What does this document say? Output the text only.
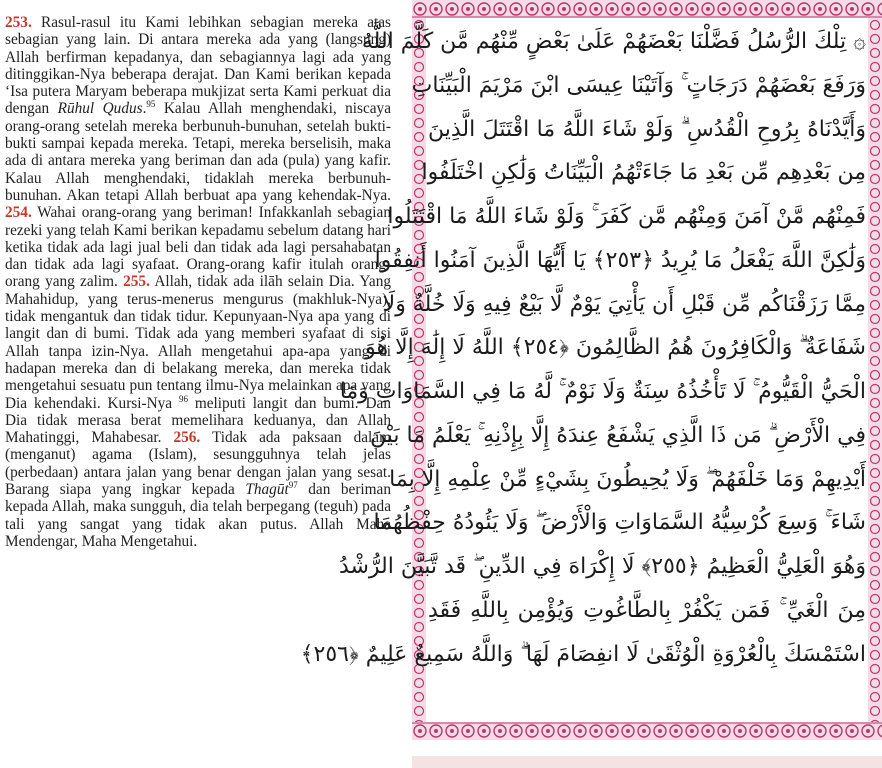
253. Rasul-rasul itu Kami lebihkan sebagian mereka atas sebagian yang lain. Di antara mereka ada yang (langsung) Allah berfirman kepadanya, dan sebagiannya lagi ada yang ditinggikan-Nya beberapa derajat. Dan Kami berikan kepada ‘Isa putera Maryam beberapa mukjizat serta Kami perkuat dia dengan Rūhul Qudus.$^{95}$ Kalau Allah menghendaki, niscaya orang-orang setelah mereka berbunuh-bunuhan, setelah bukti-bukti sampai kepada mereka. Tetapi, mereka berselisih, maka ada di antara mereka yang beriman dan ada (pula) yang kafir. Kalau Allah menghendaki, tidaklah mereka berbunuh-bunuhan. Akan tetapi Allah berbuat apa yang kehendak-Nya. 254. Wahai orang-orang yang beriman! Infakkanlah sebagian rezeki yang telah Kami berikan kepadamu sebelum datang hari ketika tidak ada lagi jual beli dan tidak ada lagi persahabatan dan tidak ada lagi syafaat. Orang-orang kafir itulah orang-orang yang zalim. 255. Allah, tidak ada ilāh selain Dia. Yang Mahahidup, yang terus-menerus mengurus (makhluk-Nya), tidak mengantuk dan tidak tidur. Kepunyaan-Nya apa yang di langit dan di bumi. Tidak ada yang memberi syafaat di sisi Allah tanpa izin-Nya. Allah mengetahui apa-apa yang di hadapan mereka dan di belakang mereka, dan mereka tidak mengetahui sesuatu pun tentang ilmu-Nya melainkan apa yang Dia kehendaki. Kursi-Nya $^{96}$ meliputi langit dan bumi. Dan Dia tidak merasa berat memelihara keduanya, dan Allah Mahatinggi, Mahabesar. 256. Tidak ada paksaan dalam (menganut) agama (Islam), sesungguhnya telah jelas (perbedaan) antara jalan yang benar dengan jalan yang sesat. Barang siapa yang ingkar kepada Thagūt$^{97}$ dan beriman kepada Allah, maka sungguh, dia telah berpegang (teguh) pada tali yang sangat yang tidak akan putus. Allah Maha Mendengar, Maha Mengetahui.
۞ تِلْكَ الرُّسُلُ فَضَّلْنَا بَعْضَهُمْ عَلَىٰ بَعْضٍ مِّنْهُم مَّن كَلَّمَ اللَّهُ
وَرَفَعَ بَعْضَهُمْ دَرَجَاتٍ ۚ وَآتَيْنَا عِيسَى ابْنَ مَرْيَمَ الْبَيِّنَاتِ
وَأَيَّدْنَاهُ بِرُوحِ الْقُدُسِ ۗ وَلَوْ شَاءَ اللَّهُ مَا اقْتَتَلَ الَّذِينَ
مِن بَعْدِهِم مِّن بَعْدِ مَا جَاءَتْهُمُ الْبَيِّنَاتُ وَلَٰكِنِ اخْتَلَفُوا
فَمِنْهُم مَّنْ آمَنَ وَمِنْهُم مَّن كَفَرَ ۚ وَلَوْ شَاءَ اللَّهُ مَا اقْتَتَلُوا
وَلَٰكِنَّ اللَّهَ يَفْعَلُ مَا يُرِيدُ ﴿٢٥٣﴾ يَا أَيُّهَا الَّذِينَ آمَنُوا أَنفِقُوا
مِمَّا رَزَقْنَاكُم مِّن قَبْلِ أَن يَأْتِيَ يَوْمٌ لَّا بَيْعٌ فِيهِ وَلَا خُلَّةٌ وَلَا
شَفَاعَةٌ ۗ وَالْكَافِرُونَ هُمُ الظَّالِمُونَ ﴿٢٥٤﴾ اللَّهُ لَا إِلَٰهَ إِلَّا هُوَ
الْحَيُّ الْقَيُّومُ ۚ لَا تَأْخُذُهُ سِنَةٌ وَلَا نَوْمٌ ۚ لَّهُ مَا فِي السَّمَاوَاتِ وَمَا
فِي الْأَرْضِ ۗ مَن ذَا الَّذِي يَشْفَعُ عِندَهُ إِلَّا بِإِذْنِهِ ۚ يَعْلَمُ مَا بَيْنَ
أَيْدِيهِمْ وَمَا خَلْفَهُمْ ۖ وَلَا يُحِيطُونَ بِشَيْءٍ مِّنْ عِلْمِهِ إِلَّا بِمَا
شَاءَ ۚ وَسِعَ كُرْسِيُّهُ السَّمَاوَاتِ وَالْأَرْضَ ۖ وَلَا يَئُودُهُ حِفْظُهُمَا
وَهُوَ الْعَلِيُّ الْعَظِيمُ ﴿٢٥٥﴾ لَا إِكْرَاهَ فِي الدِّينِ ۖ قَد تَّبَيَّنَ الرُّشْدُ
مِنَ الْغَيِّ ۚ فَمَن يَكْفُرْ بِالطَّاغُوتِ وَيُؤْمِن بِاللَّهِ فَقَدِ
اسْتَمْسَكَ بِالْعُرْوَةِ الْوُثْقَىٰ لَا انفِصَامَ لَهَا ۗ وَاللَّهُ سَمِيعٌ عَلِيمٌ ﴿٢٥٦﴾
